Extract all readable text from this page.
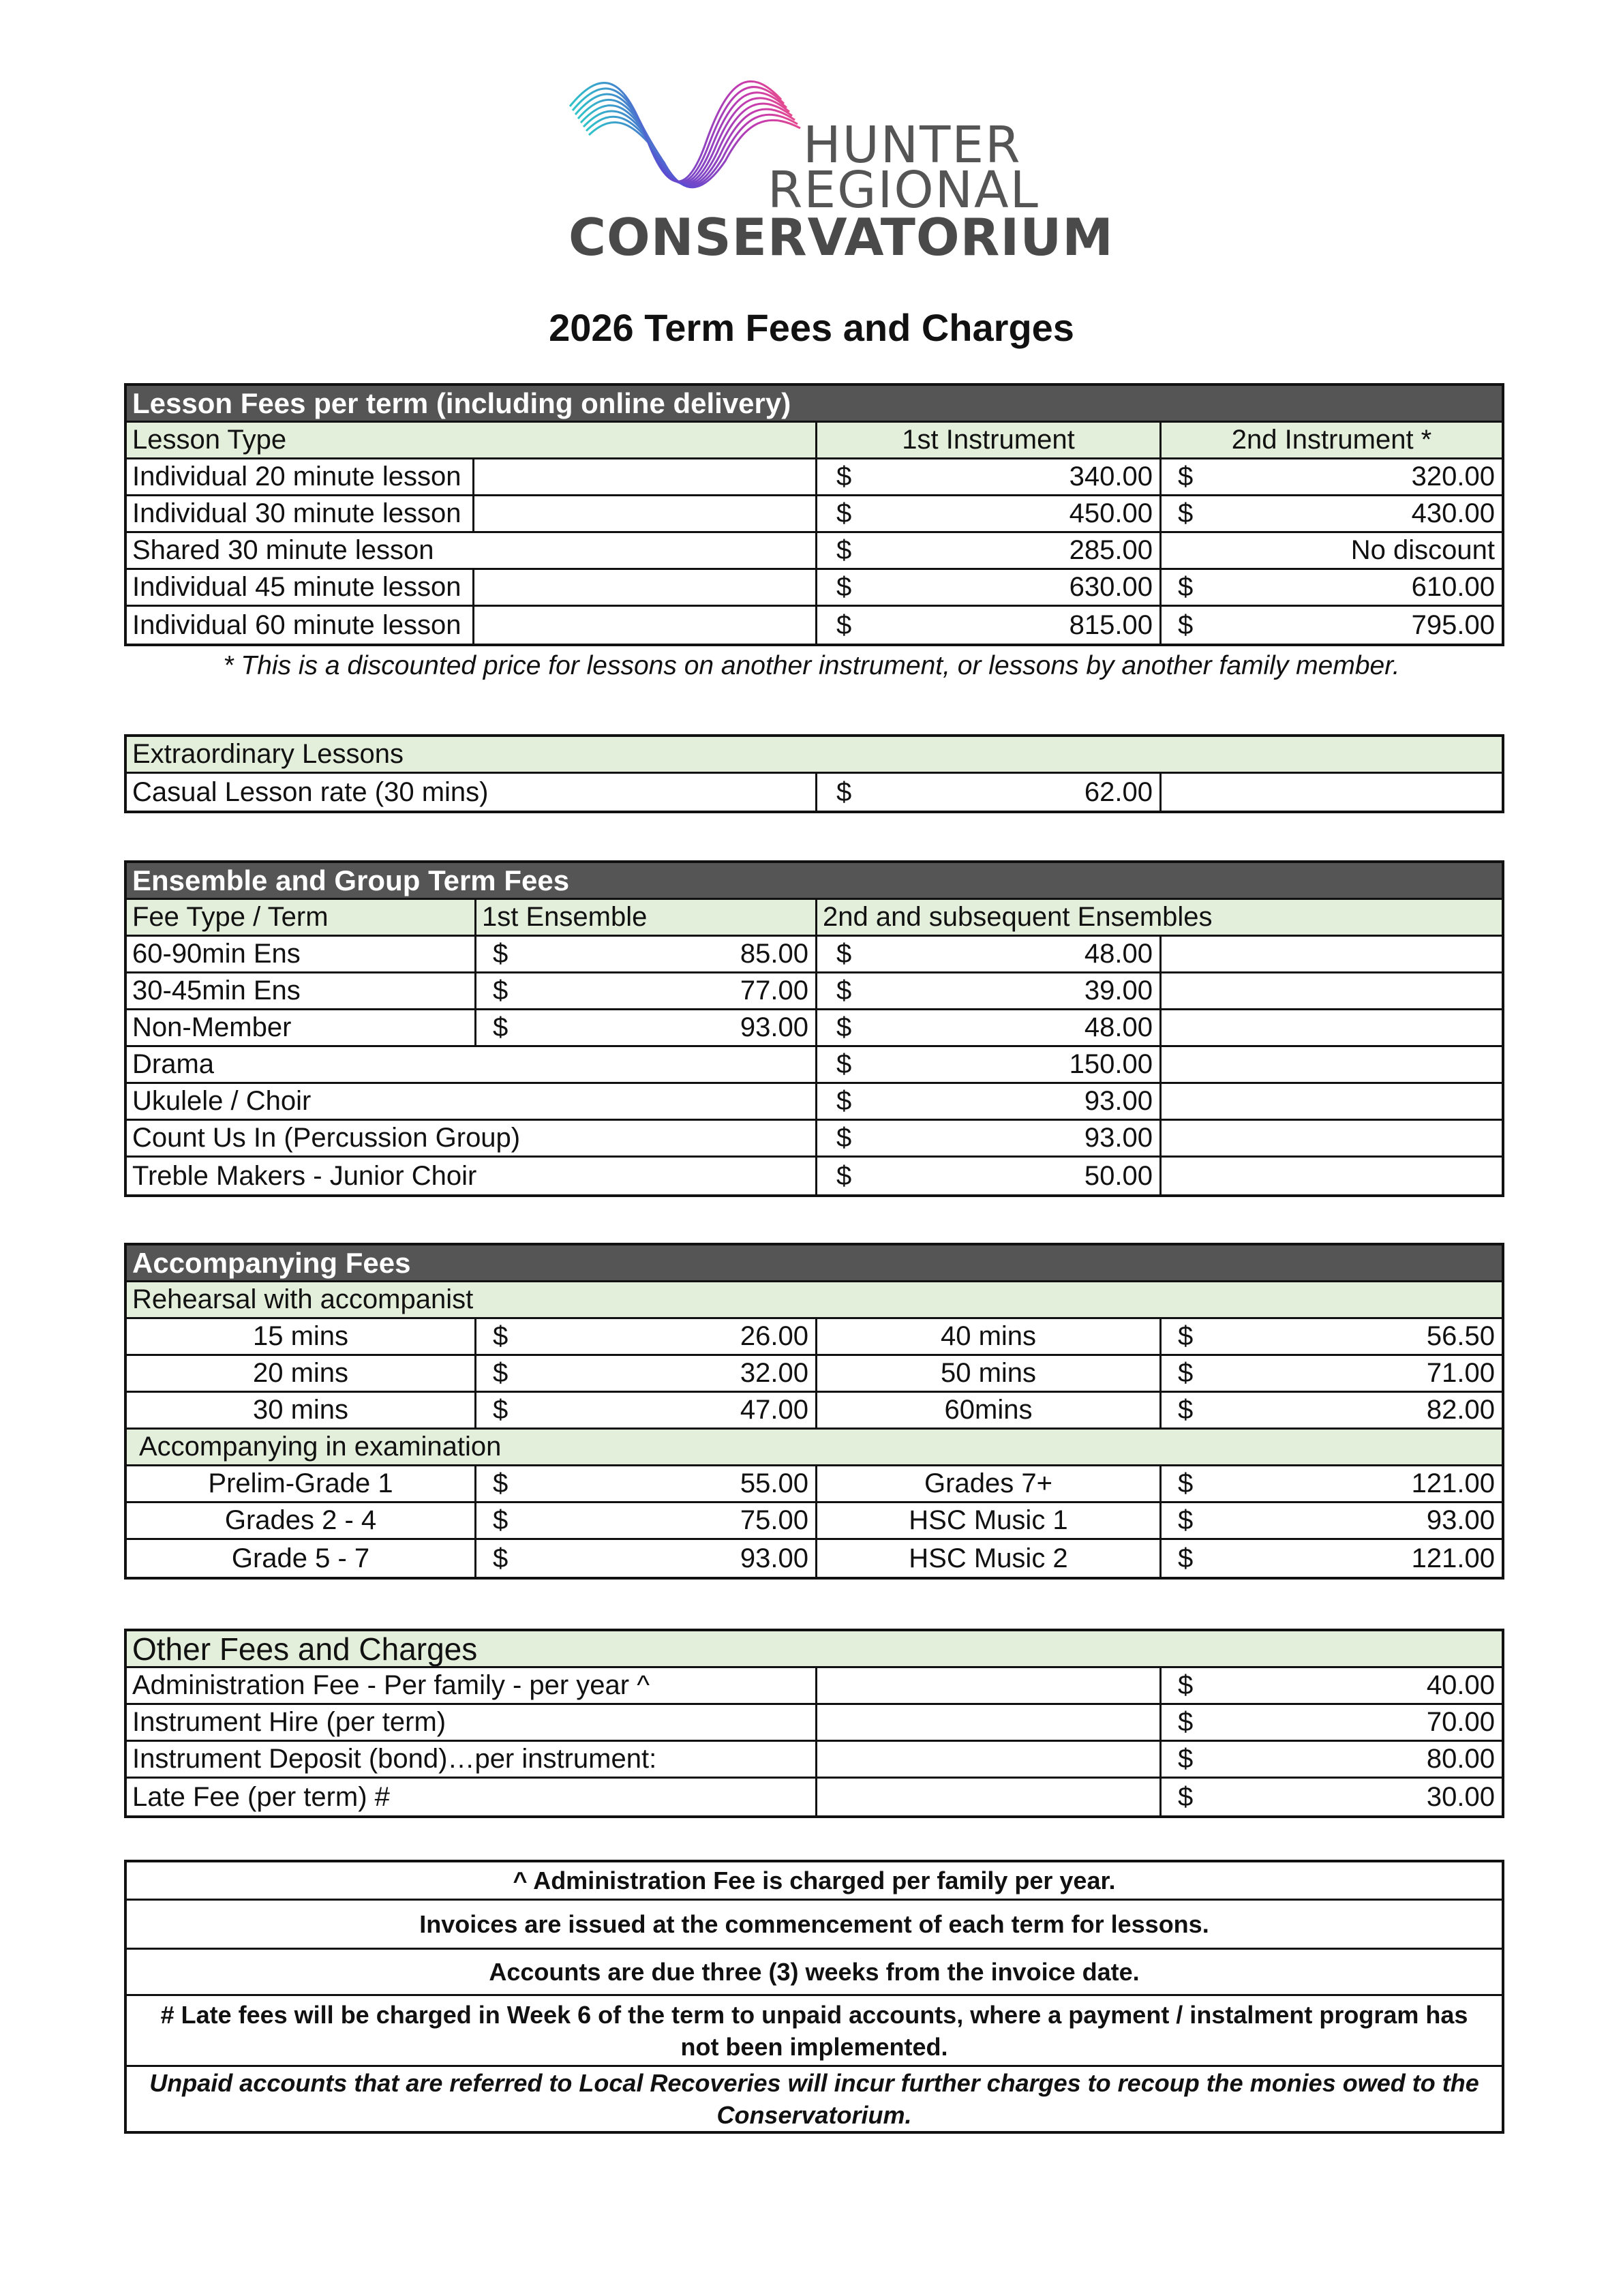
HUNTER
REGIONAL
CONSERVATORIUM
2026 Term Fees and Charges
Lesson Fees per term (including online delivery)
Lesson Type	1st Instrument	2nd Instrument *
Individual 20 minute lesson	$	340.00 $	320.00
Individual 30 minute lesson	$	450.00 $	430.00
Shared 30 minute lesson	$	285.00	No discount
Individual 45 minute lesson	$	630.00 $	610.00
Individual 60 minute lesson	$	815.00 $	795.00
* This is a discounted price for lessons on another instrument, or lessons by another family member.
Extraordinary Lessons
Casual Lesson rate (30 mins)	$	62.00
Ensemble and Group Term Fees
Fee Type / Term	1st Ensemble	2nd and subsequent Ensembles
60-90min Ens	$	85.00 $	48.00
30-45min Ens	$	77.00 $	39.00
Non-Member	$	93.00 $	48.00
Drama	$	150.00
Ukulele / Choir	$	93.00
Count Us In (Percussion Group)	$	93.00
Treble Makers - Junior Choir	$	50.00
Accompanying Fees
Rehearsal with accompanist
15 mins	$	26.00	40 mins	$	56.50
20 mins	$	32.00	50 mins	$	71.00
30 mins	$	47.00	60mins	$	82.00
Accompanying in examination
Prelim-Grade 1	$	55.00	Grades 7+	$	121.00
Grades 2 - 4	$	75.00	HSC Music 1	$	93.00
Grade 5 - 7	$	93.00	HSC Music 2	$	121.00
Other Fees and Charges
Administration Fee - Per family - per year ^	$	40.00
Instrument Hire (per term)	$	70.00
Instrument Deposit (bond)…per instrument:	$	80.00
Late Fee (per term) #	$	30.00
^ Administration Fee is charged per family per year.
Invoices are issued at the commencement of each term for lessons.
Accounts are due three (3) weeks from the invoice date.
# Late fees will be charged in Week 6 of the term to unpaid accounts, where a payment / instalment program has not been implemented.
Unpaid accounts that are referred to Local Recoveries will incur further charges to recoup the monies owed to the Conservatorium.
